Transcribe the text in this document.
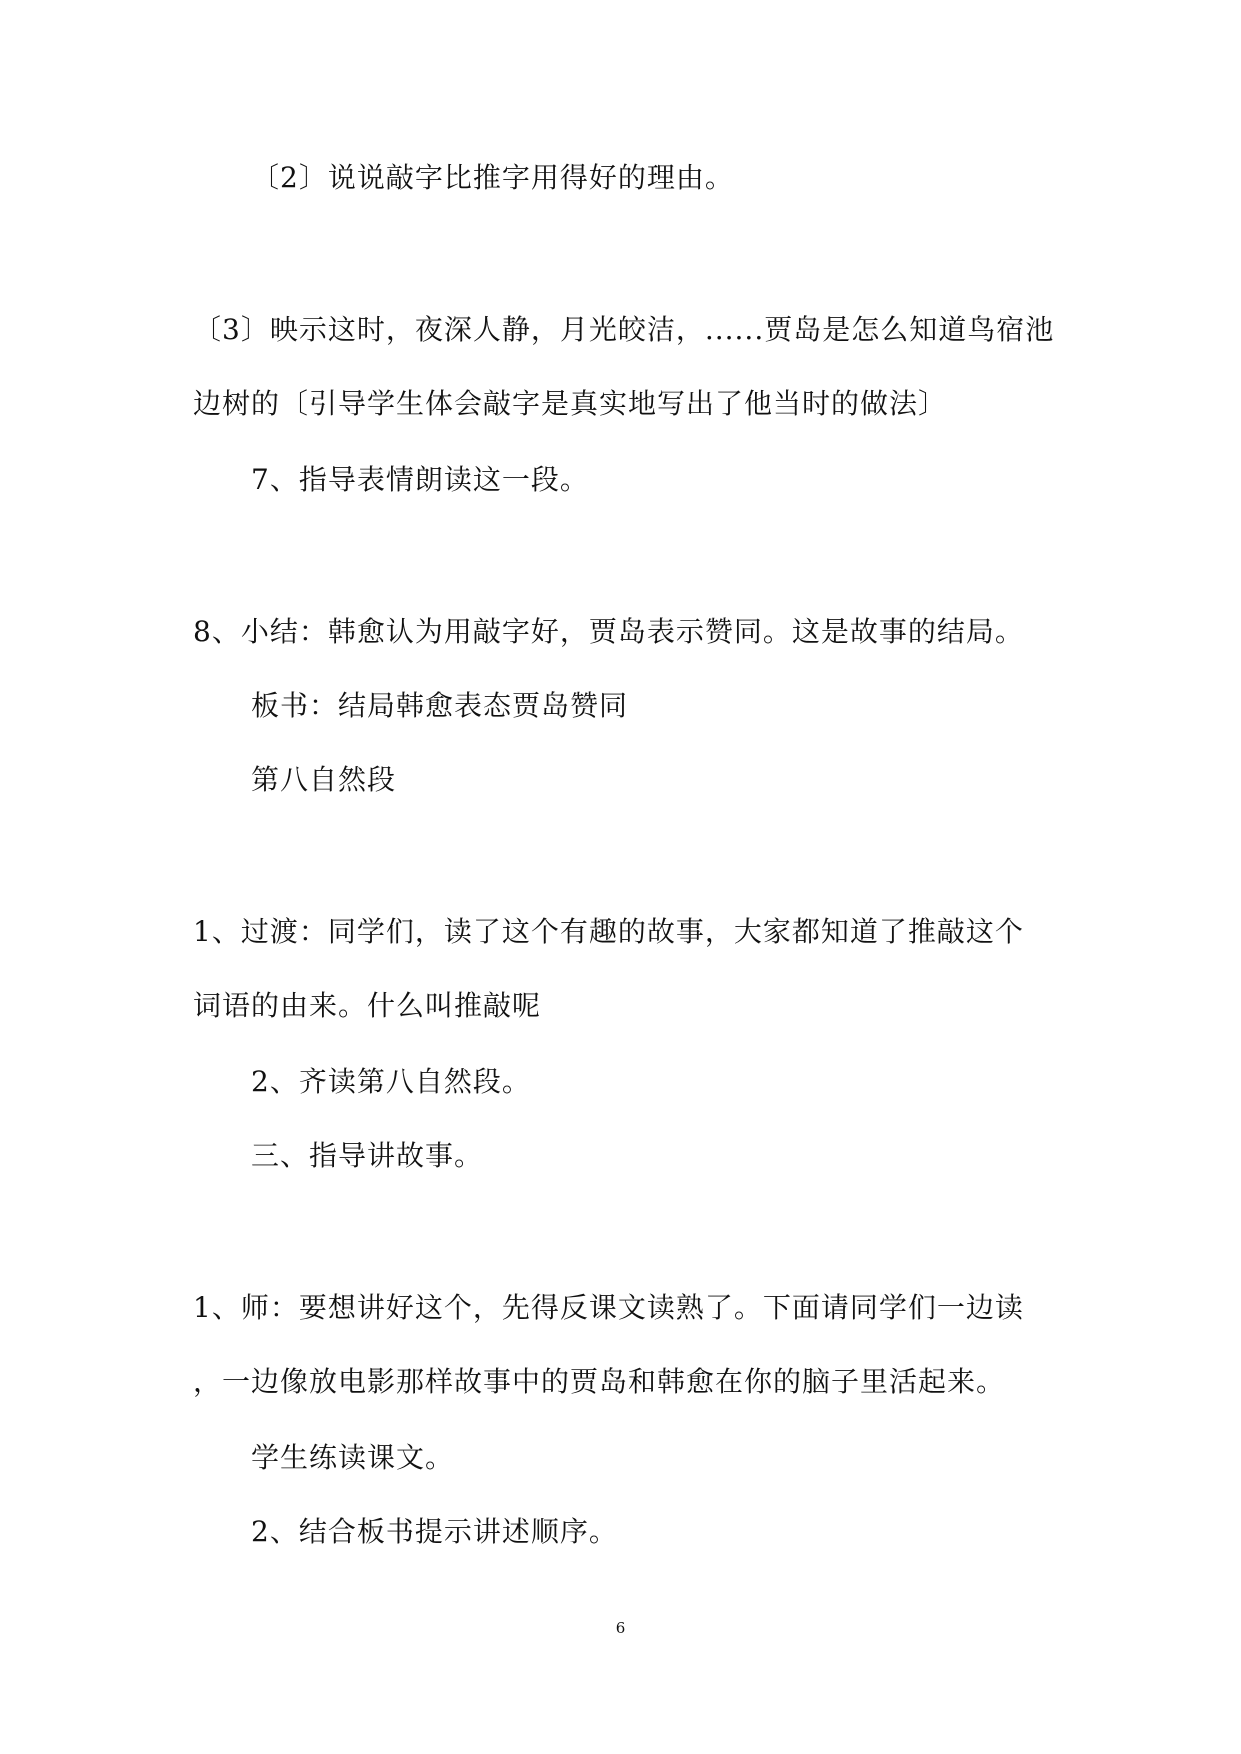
〔2〕说说敲字比推字用得好的理由。
〔3〕映示这时，夜深人静，月光皎洁，......贾岛是怎么知道鸟宿池
边树的〔引导学生体会敲字是真实地写出了他当时的做法〕
7、指导表情朗读这一段。
8、小结：韩愈认为用敲字好，贾岛表示赞同。这是故事的结局。
板书：结局韩愈表态贾岛赞同
第八自然段
1、过渡：同学们，读了这个有趣的故事，大家都知道了推敲这个
词语的由来。什么叫推敲呢
2、齐读第八自然段。
三、指导讲故事。
1、师：要想讲好这个，先得反课文读熟了。下面请同学们一边读
，一边像放电影那样故事中的贾岛和韩愈在你的脑子里活起来。
学生练读课文。
2、结合板书提示讲述顺序。
6
